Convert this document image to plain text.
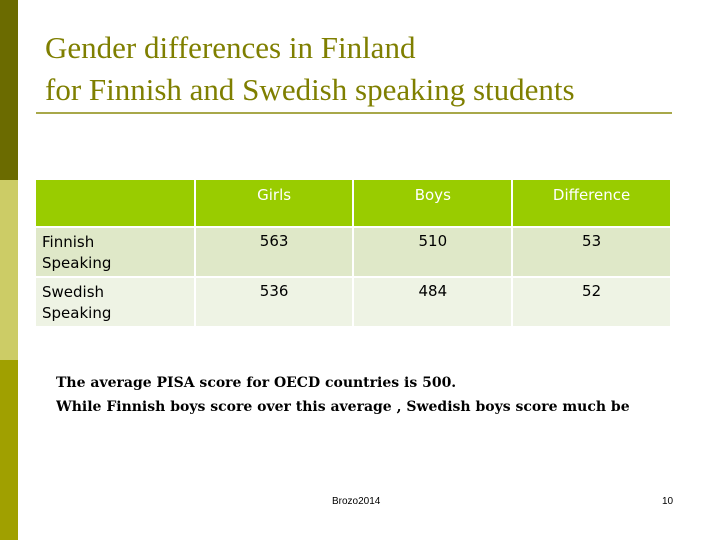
Gender differences in Finland
for Finnish and Swedish speaking students
	Girls	Boys	Difference

Finnish
Speaking	563	510	53

Swedish
Speaking	536	484	52
The average PISA score for OECD countries is 500.
While Finnish boys score over this average , Swedish boys score much be
Brozo2014	10
